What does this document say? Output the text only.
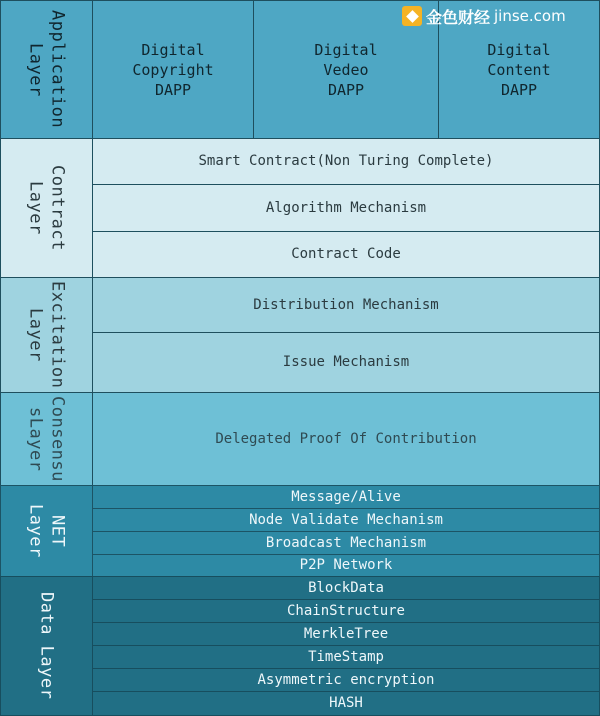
Application
Layer	Digital
Copyright
DAPP
Digital
Vedeo
DAPP
Digital
Content
DAPP
Contract
Layer
Smart Contract(Non Turing Complete)
Algorithm Mechanism
Contract Code
Excitation
Layer
Distribution Mechanism
Issue Mechanism
Consensu
sLayer	Delegated Proof Of Contribution
NET
Layer
Message/Alive
Node Validate Mechanism
Broadcast Mechanism
P2P Network
Data Layer
BlockData
ChainStructure
MerkleTree
TimeStamp
Asymmetric encryption
HASH
金色财经 jinse.com
